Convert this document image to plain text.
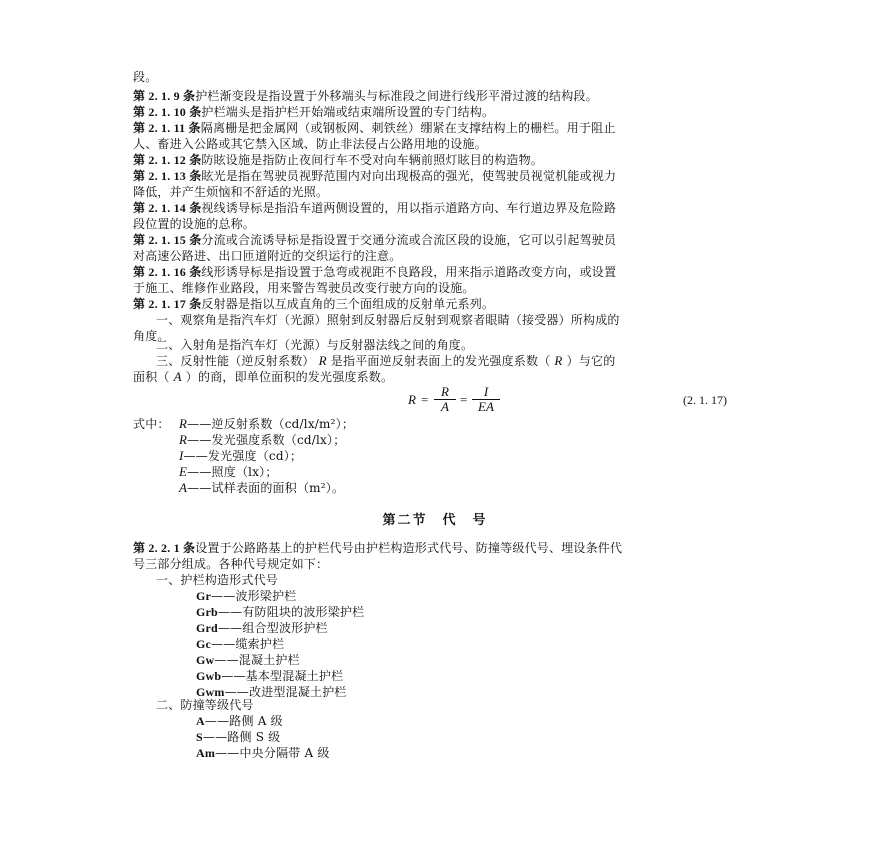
段。
第 2. 1. 9 条护栏渐变段是指设置于外移端头与标准段之间进行线形平滑过渡的结构段。
第 2. 1. 10 条护栏端头是指护栏开始端或结束端所设置的专门结构。
第 2. 1. 11 条隔离栅是把金属网（或钢板网、刺铁丝）绷紧在支撑结构上的栅栏。用于阻止
人、畜进入公路或其它禁入区域、防止非法侵占公路用地的设施。
第 2. 1. 12 条防眩设施是指防止夜间行车不受对向车辆前照灯眩目的构造物。
第 2. 1. 13 条眩光是指在驾驶员视野范围内对向出现极高的强光，使驾驶员视觉机能或视力
降低，并产生烦恼和不舒适的光照。
第 2. 1. 14 条视线诱导标是指沿车道两侧设置的，用以指示道路方向、车行道边界及危险路
段位置的设施的总称。
第 2. 1. 15 条分流或合流诱导标是指设置于交通分流或合流区段的设施，它可以引起驾驶员
对高速公路进、出口匝道附近的交织运行的注意。
第 2. 1. 16 条线形诱导标是指设置于急弯或视距不良路段，用来指示道路改变方向，或设置
于施工、维修作业路段，用来警告驾驶员改变行驶方向的设施。
第 2. 1. 17 条反射器是指以互成直角的三个面组成的反射单元系列。
一、观察角是指汽车灯（光源）照射到反射器后反射到观察者眼睛（接受器）所构成的
角度。
二、入射角是指汽车灯（光源）与反射器法线之间的角度。
三、反射性能（逆反射系数） R 是指平面逆反射表面上的发光强度系数（ R ）与它的
面积（ A ）的商，即单位面积的发光强度系数。
$R = \frac{R}{A} = \frac{I}{EA}$	(2. 1. 17)
式中： R——逆反射系数（cd/lx/m²）；
R——发光强度系数（cd/lx）；
I——发光强度（cd）；
E——照度（lx）；
A——试样表面的面积（m²）。
第二节　代　号
第 2. 2. 1 条设置于公路路基上的护栏代号由护栏构造形式代号、防撞等级代号、埋设条件代
号三部分组成。各种代号规定如下：
一、护栏构造形式代号
Gr——波形梁护栏
Grb——有防阻块的波形梁护栏
Grd——组合型波形护栏
Gc——缆索护栏
Gw——混凝土护栏
Gwb——基本型混凝土护栏
Gwm——改进型混凝土护栏
二、防撞等级代号
A——路侧 A 级
S——路侧 S 级
Am——中央分隔带 A 级
